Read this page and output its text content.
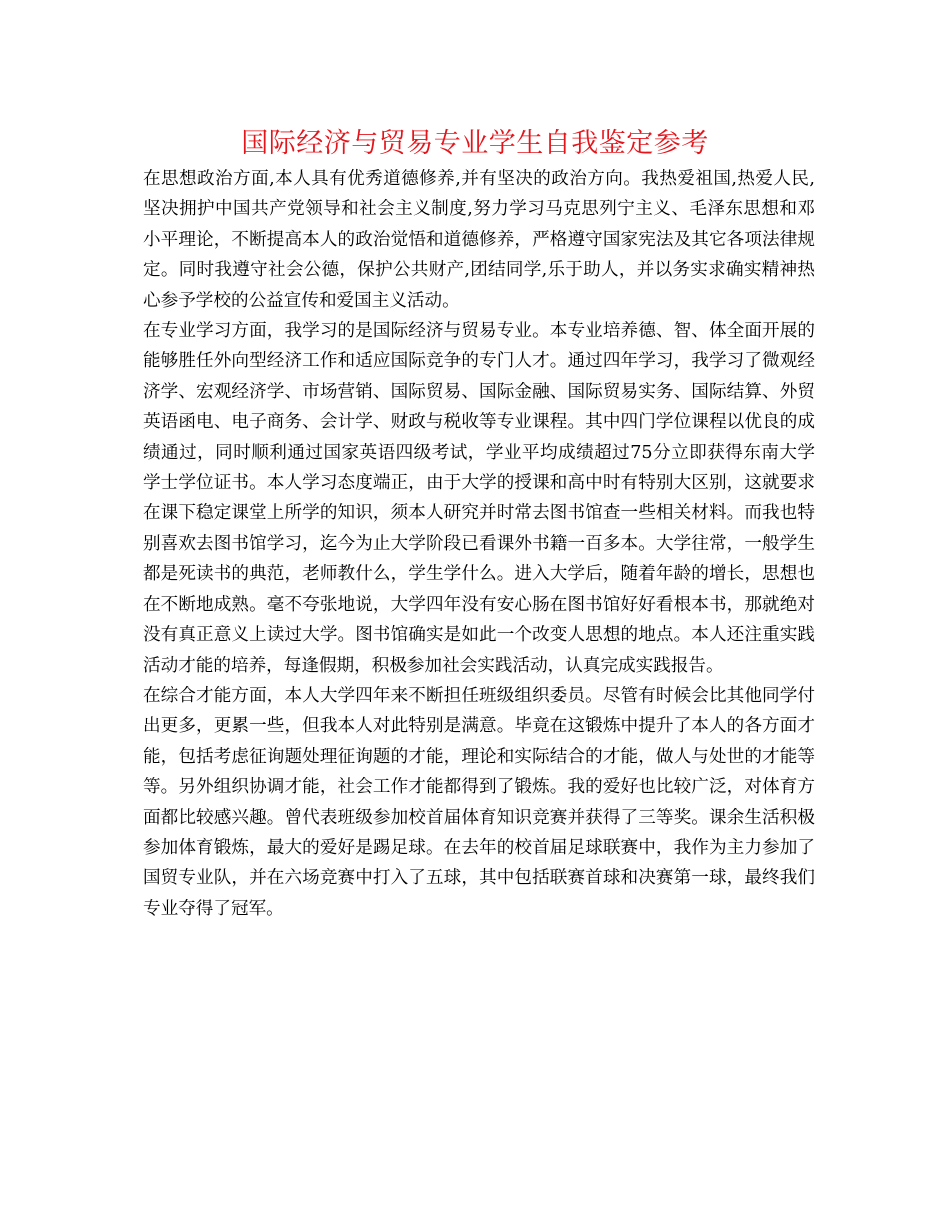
国际经济与贸易专业学生自我鉴定参考

在思想政治方面,本人具有优秀道德修养,并有坚决的政治方向。我热爱祖国,热爱人民,坚决拥护中国共产党领导和社会主义制度,努力学习马克思列宁主义、毛泽东思想和邓小平理论，不断提高本人的政治觉悟和道德修养，严格遵守国家宪法及其它各项法律规定。同时我遵守社会公德，保护公共财产,团结同学,乐于助人，并以务实求确实精神热心参予学校的公益宣传和爱国主义活动。

在专业学习方面，我学习的是国际经济与贸易专业。本专业培养德、智、体全面开展的能够胜任外向型经济工作和适应国际竞争的专门人才。通过四年学习，我学习了微观经济学、宏观经济学、市场营销、国际贸易、国际金融、国际贸易实务、国际结算、外贸英语函电、电子商务、会计学、财政与税收等专业课程。其中四门学位课程以优良的成绩通过，同时顺利通过国家英语四级考试，学业平均成绩超过75分立即获得东南大学学士学位证书。本人学习态度端正，由于大学的授课和高中时有特别大区别，这就要求在课下稳定课堂上所学的知识，须本人研究并时常去图书馆查一些相关材料。而我也特别喜欢去图书馆学习，迄今为止大学阶段已看课外书籍一百多本。大学往常，一般学生都是死读书的典范，老师教什么，学生学什么。进入大学后，随着年龄的增长，思想也在不断地成熟。毫不夸张地说，大学四年没有安心肠在图书馆好好看根本书，那就绝对没有真正意义上读过大学。图书馆确实是如此一个改变人思想的地点。本人还注重实践活动才能的培养，每逢假期，积极参加社会实践活动，认真完成实践报告。

在综合才能方面，本人大学四年来不断担任班级组织委员。尽管有时候会比其他同学付出更多，更累一些，但我本人对此特别是满意。毕竟在这锻炼中提升了本人的各方面才能，包括考虑征询题处理征询题的才能，理论和实际结合的才能，做人与处世的才能等等。另外组织协调才能，社会工作才能都得到了锻炼。我的爱好也比较广泛，对体育方面都比较感兴趣。曾代表班级参加校首届体育知识竞赛并获得了三等奖。课余生活积极参加体育锻炼，最大的爱好是踢足球。在去年的校首届足球联赛中，我作为主力参加了国贸专业队，并在六场竞赛中打入了五球，其中包括联赛首球和决赛第一球，最终我们专业夺得了冠军。
